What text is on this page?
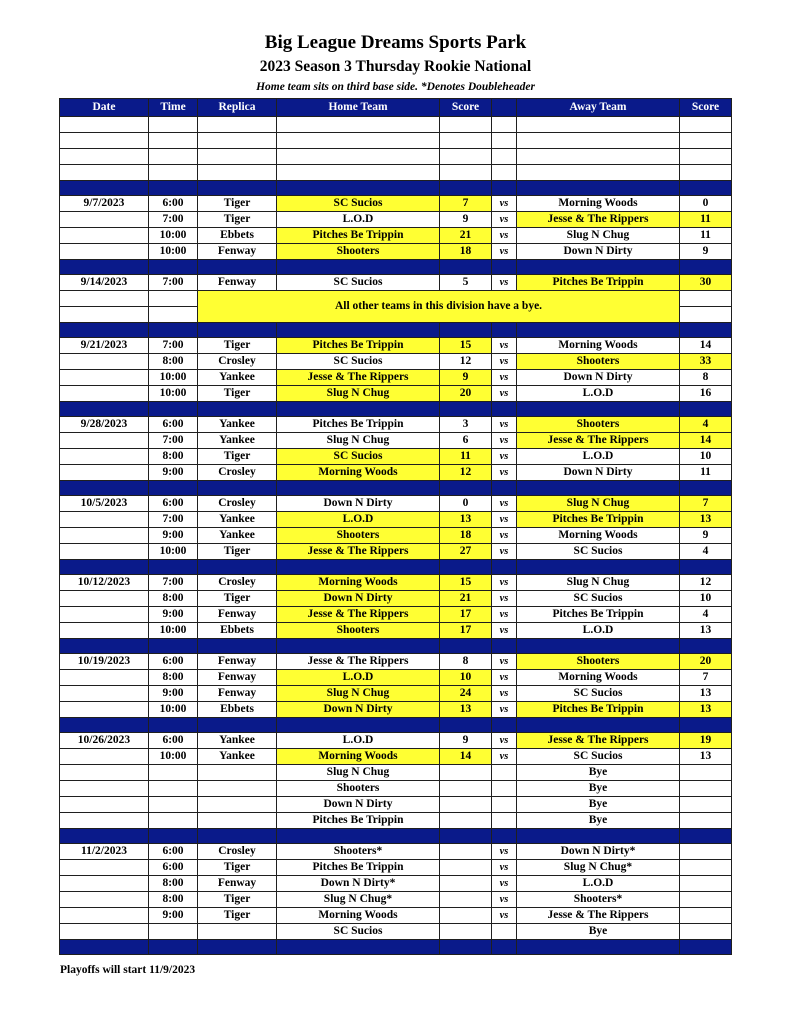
Big League Dreams Sports Park
2023 Season 3 Thursday Rookie National
Home team sits on third base side. *Denotes Doubleheader
Date	Time	Replica	Home Team	Score		Away Team	Score

9/7/2023	6:00	Tiger	SC Sucios	7	vs	Morning Woods	0
	7:00	Tiger	L.O.D	9	vs	Jesse & The Rippers	11
	10:00	Ebbets	Pitches Be Trippin	21	vs	Slug N Chug	11
	10:00	Fenway	Shooters	18	vs	Down N Dirty	9

9/14/2023	7:00	Fenway	SC Sucios	5	vs	Pitches Be Trippin	30
		All other teams in this division have a bye.					

9/21/2023	7:00	Tiger	Pitches Be Trippin	15	vs	Morning Woods	14
	8:00	Crosley	SC Sucios	12	vs	Shooters	33
	10:00	Yankee	Jesse & The Rippers	9	vs	Down N Dirty	8
	10:00	Tiger	Slug N Chug	20	vs	L.O.D	16

9/28/2023	6:00	Yankee	Pitches Be Trippin	3	vs	Shooters	4
	7:00	Yankee	Slug N Chug	6	vs	Jesse & The Rippers	14
	8:00	Tiger	SC Sucios	11	vs	L.O.D	10
	9:00	Crosley	Morning Woods	12	vs	Down N Dirty	11

10/5/2023	6:00	Crosley	Down N Dirty	0	vs	Slug N Chug	7
	7:00	Yankee	L.O.D	13	vs	Pitches Be Trippin	13
	9:00	Yankee	Shooters	18	vs	Morning Woods	9
	10:00	Tiger	Jesse & The Rippers	27	vs	SC Sucios	4

10/12/2023	7:00	Crosley	Morning Woods	15	vs	Slug N Chug	12
	8:00	Tiger	Down N Dirty	21	vs	SC Sucios	10
	9:00	Fenway	Jesse & The Rippers	17	vs	Pitches Be Trippin	4
	10:00	Ebbets	Shooters	17	vs	L.O.D	13

10/19/2023	6:00	Fenway	Jesse & The Rippers	8	vs	Shooters	20
	8:00	Fenway	L.O.D	10	vs	Morning Woods	7
	9:00	Fenway	Slug N Chug	24	vs	SC Sucios	13
	10:00	Ebbets	Down N Dirty	13	vs	Pitches Be Trippin	13

10/26/2023	6:00	Yankee	L.O.D	9	vs	Jesse & The Rippers	19
	10:00	Yankee	Morning Woods	14	vs	SC Sucios	13
			Slug N Chug			Bye	
			Shooters			Bye	
			Down N Dirty			Bye	
			Pitches Be Trippin			Bye	

11/2/2023	6:00	Crosley	Shooters*		vs	Down N Dirty*	
	6:00	Tiger	Pitches Be Trippin		vs	Slug N Chug*	
	8:00	Fenway	Down N Dirty*		vs	L.O.D	
	8:00	Tiger	Slug N Chug*		vs	Shooters*	
	9:00	Tiger	Morning Woods		vs	Jesse & The Rippers	
			SC Sucios			Bye	

Playoffs will start 11/9/2023
